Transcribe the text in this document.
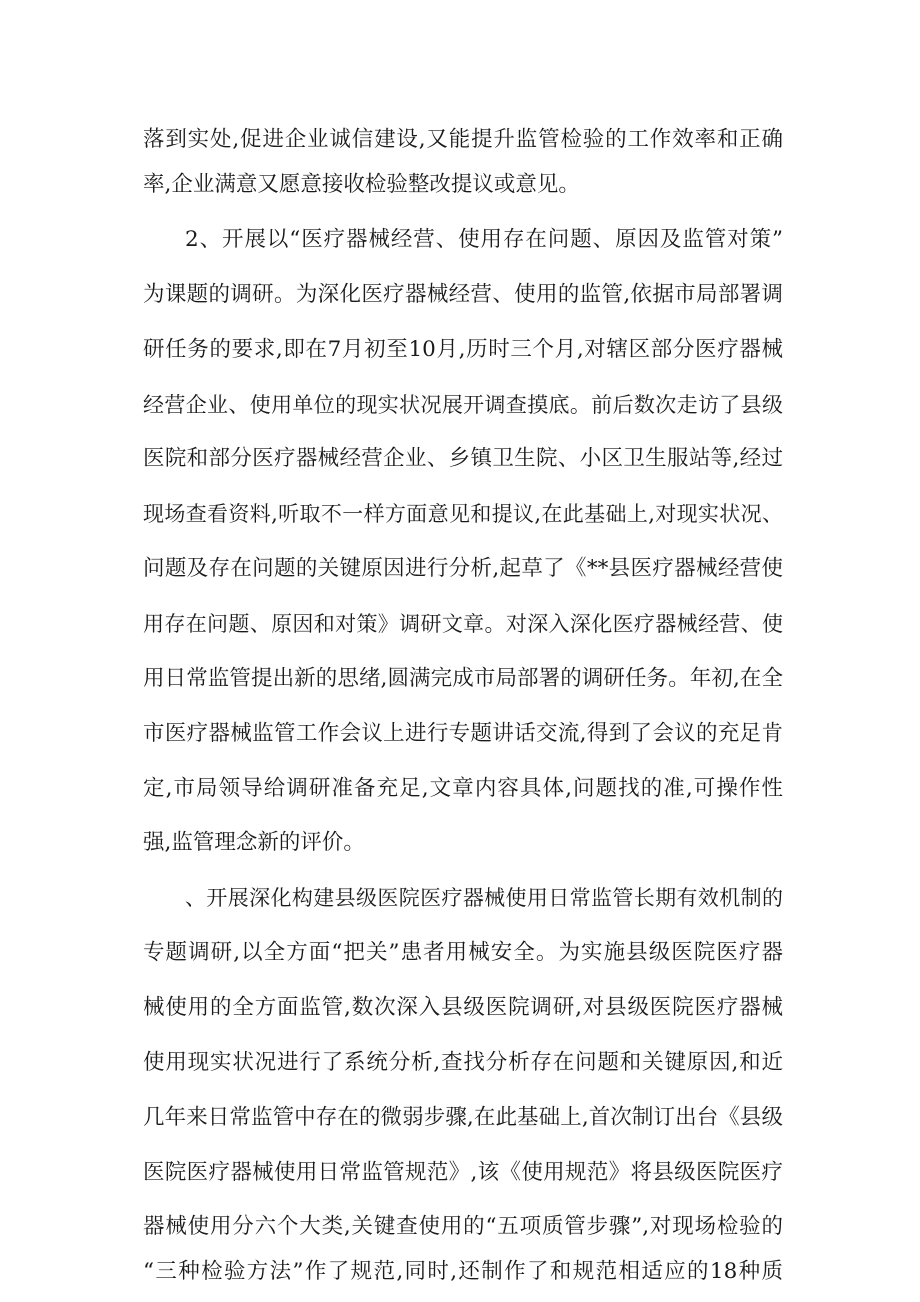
落到实处,促进企业诚信建设,又能提升监管检验的工作效率和正确
率,企业满意又愿意接收检验整改提议或意见。
2、开展以“医疗器械经营、使用存在问题、原因及监管对策”
为课题的调研。为深化医疗器械经营、使用的监管,依据市局部署调
研任务的要求,即在7月初至10月,历时三个月,对辖区部分医疗器械
经营企业、使用单位的现实状况展开调查摸底。前后数次走访了县级
医院和部分医疗器械经营企业、乡镇卫生院、小区卫生服站等,经过
现场查看资料,听取不一样方面意见和提议,在此基础上,对现实状况、
问题及存在问题的关键原因进行分析,起草了《**县医疗器械经营使
用存在问题、原因和对策》调研文章。对深入深化医疗器械经营、使
用日常监管提出新的思绪,圆满完成市局部署的调研任务。年初,在全
市医疗器械监管工作会议上进行专题讲话交流,得到了会议的充足肯
定,市局领导给调研准备充足,文章内容具体,问题找的准,可操作性
强,监管理念新的评价。
、开展深化构建县级医院医疗器械使用日常监管长期有效机制的
专题调研,以全方面“把关”患者用械安全。为实施县级医院医疗器
械使用的全方面监管,数次深入县级医院调研,对县级医院医疗器械
使用现实状况进行了系统分析,查找分析存在问题和关键原因,和近
几年来日常监管中存在的微弱步骤,在此基础上,首次制订出台《县级
医院医疗器械使用日常监管规范》,该《使用规范》将县级医院医疗
器械使用分六个大类,关键查使用的“五项质管步骤”,对现场检验的
“三种检验方法”作了规范,同时,还制作了和规范相适应的18种质
